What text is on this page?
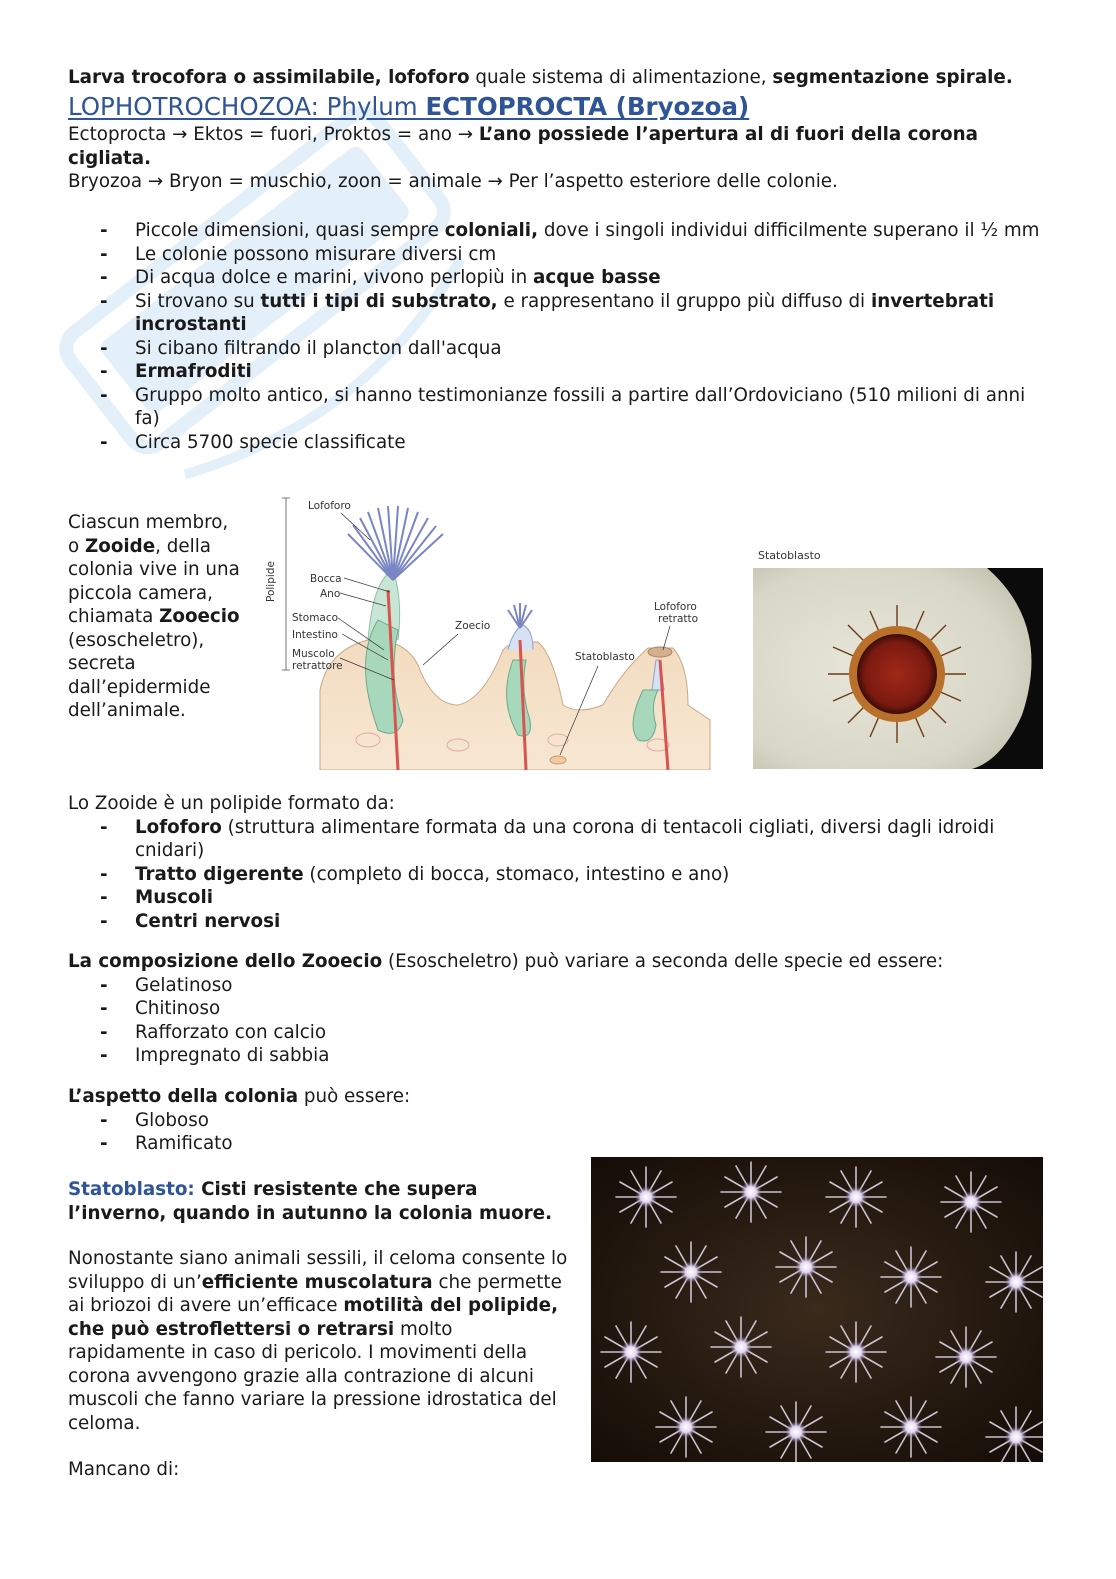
Larva trocofora o assimilabile, lofoforo quale sistema di alimentazione, segmentazione spirale.

LOPHOTROCHOZOA: Phylum ECTOPROCTA (Bryozoa)

Ectoprocta → Ektos = fuori, Proktos = ano → L’ano possiede l’apertura al di fuori della corona cigliata.

Bryozoa → Bryon = muschio, zoon = animale → Per l’aspetto esteriore delle colonie.

- Piccole dimensioni, quasi sempre coloniali, dove i singoli individui difficilmente superano il ½ mm
- Le colonie possono misurare diversi cm
- Di acqua dolce e marini, vivono perlopiù in acque basse
- Si trovano su tutti i tipi di substrato, e rappresentano il gruppo più diffuso di invertebrati incrostanti
- Si cibano filtrando il plancton dall'acqua
- Ermafroditi
- Gruppo molto antico, si hanno testimonianze fossili a partire dall’Ordoviciano (510 milioni di anni fa)
- Circa 5700 specie classificate

Ciascun membro, o Zooide, della colonia vive in una piccola camera, chiamata Zooecio (esoscheletro), secreta dall’epidermide dell’animale.

Lofoforo
Polipide	Bocca
Ano
Stomaco
Intestino
Muscolo
retrattore
Zoecio
Statoblasto
Lofoforo
retratto
Statoblasto

Lo Zooide è un polipide formato da:

- Lofoforo (struttura alimentare formata da una corona di tentacoli cigliati, diversi dagli idroidi cnidari)
- Tratto digerente (completo di bocca, stomaco, intestino e ano)
- Muscoli
- Centri nervosi

La composizione dello Zooecio (Esoscheletro) può variare a seconda delle specie ed essere:

- Gelatinoso
- Chitinoso
- Rafforzato con calcio
- Impregnato di sabbia

L’aspetto della colonia può essere:

- Globoso
- Ramificato

Statoblasto: Cisti resistente che supera l’inverno, quando in autunno la colonia muore.

Nonostante siano animali sessili, il celoma consente lo sviluppo di un’efficiente muscolatura che permette ai briozoi di avere un’efficace motilità del polipide, che può estroflettersi o retrarsi molto rapidamente in caso di pericolo. I movimenti della corona avvengono grazie alla contrazione di alcuni muscoli che fanno variare la pressione idrostatica del celoma.

Mancano di:
